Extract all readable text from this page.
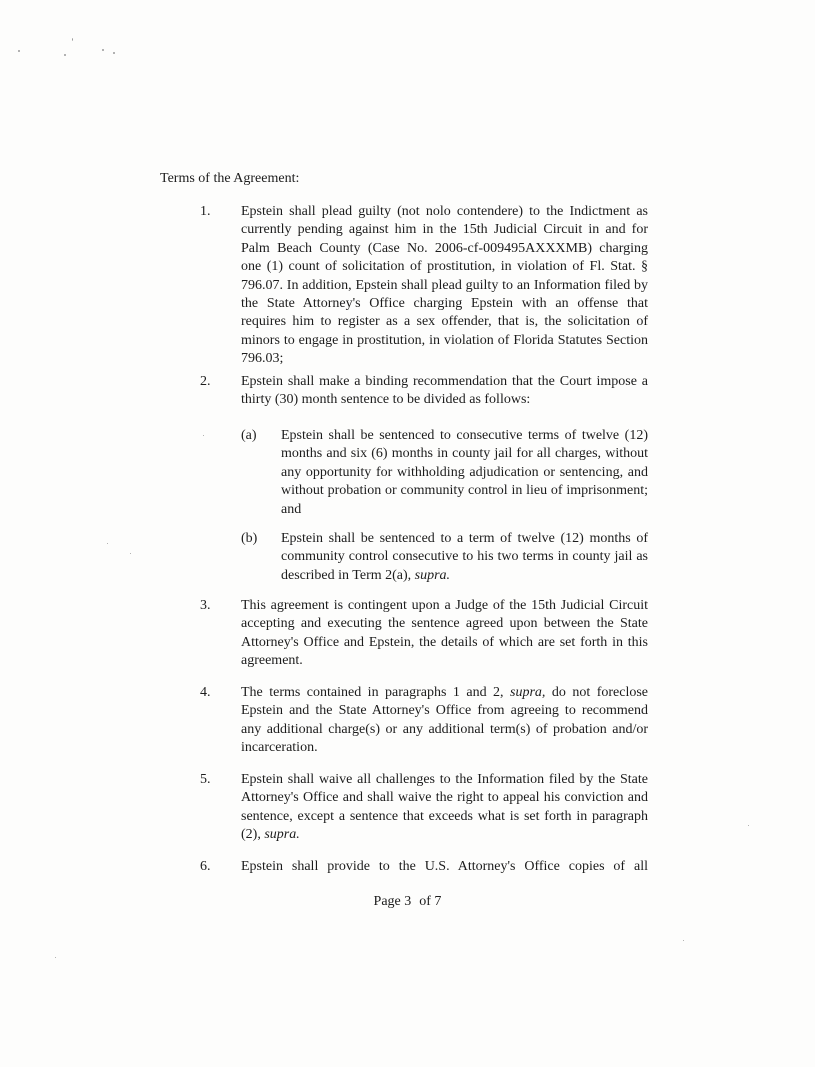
Terms of the Agreement:
1.	Epstein shall plead guilty (not nolo contendere) to the Indictment as currently pending against him in the 15th Judicial Circuit in and for Palm Beach County (Case No. 2006-cf-009495AXXXMB) charging one (1) count of solicitation of prostitution, in violation of Fl. Stat. § 796.07. In addition, Epstein shall plead guilty to an Information filed by the State Attorney's Office charging Epstein with an offense that requires him to register as a sex offender, that is, the solicitation of minors to engage in prostitution, in violation of Florida Statutes Section 796.03;
2.	Epstein shall make a binding recommendation that the Court impose a thirty (30) month sentence to be divided as follows:
(a) Epstein shall be sentenced to consecutive terms of twelve (12) months and six (6) months in county jail for all charges, without any opportunity for withholding adjudication or sentencing, and without probation or community control in lieu of imprisonment; and
(b) Epstein shall be sentenced to a term of twelve (12) months of community control consecutive to his two terms in county jail as described in Term 2(a), supra.
3.	This agreement is contingent upon a Judge of the 15th Judicial Circuit accepting and executing the sentence agreed upon between the State Attorney's Office and Epstein, the details of which are set forth in this agreement.
4.	The terms contained in paragraphs 1 and 2, supra, do not foreclose Epstein and the State Attorney's Office from agreeing to recommend any additional charge(s) or any additional term(s) of probation and/or incarceration.
5.	Epstein shall waive all challenges to the Information filed by the State Attorney's Office and shall waive the right to appeal his conviction and sentence, except a sentence that exceeds what is set forth in paragraph (2), supra.
6.	Epstein shall provide to the U.S. Attorney's Office copies of all
Page 3 of 7
